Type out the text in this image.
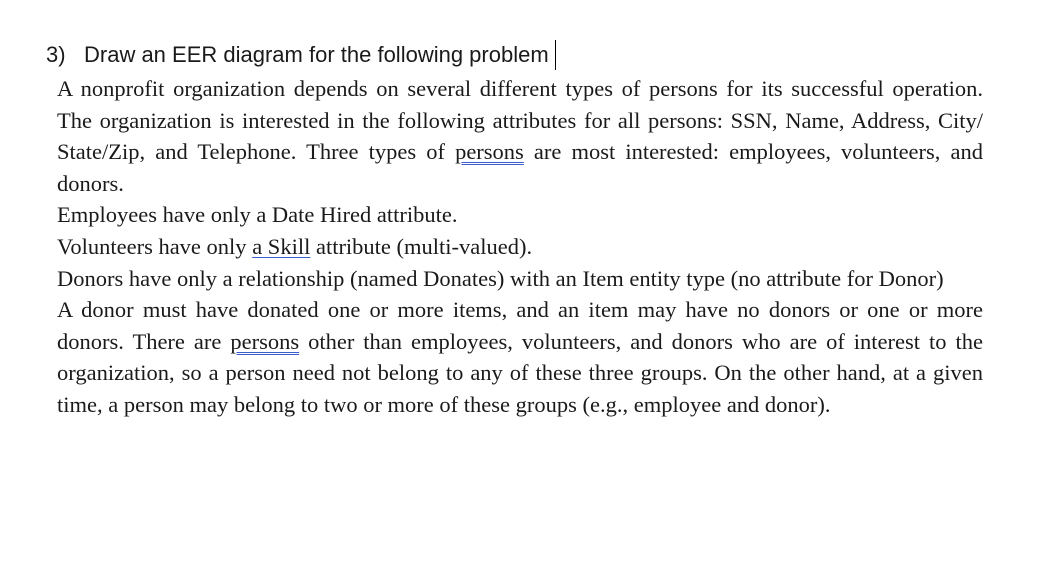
3) Draw an EER diagram for the following problem

A nonprofit organization depends on several different types of persons for its successful operation. The organization is interested in the following attributes for all persons: SSN, Name, Address, City/ State/Zip, and Telephone. Three types of persons are most interested: employees, volunteers, and donors.

Employees have only a Date Hired attribute.

Volunteers have only a Skill attribute (multi-valued).

Donors have only a relationship (named Donates) with an Item entity type (no attribute for Donor)

A donor must have donated one or more items, and an item may have no donors or one or more donors. There are persons other than employees, volunteers, and donors who are of interest to the organization, so a person need not belong to any of these three groups. On the other hand, at a given time, a person may belong to two or more of these groups (e.g., employee and donor).
